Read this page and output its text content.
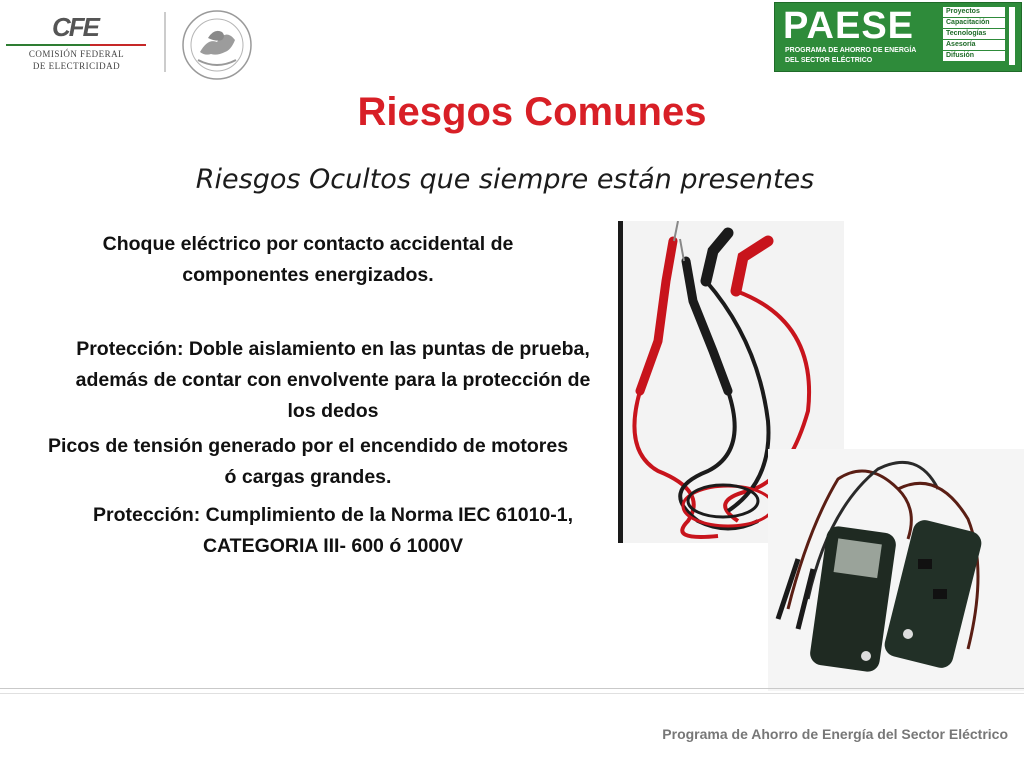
CFE
COMISIÓN FEDERAL
DE ELECTRICIDAD
PAESE
PROGRAMA DE AHORRO DE ENERGÍA
DEL SECTOR ELÉCTRICO
Proyectos
Capacitación
Tecnologías
Asesoría
Difusión
Riesgos Comunes
Riesgos Ocultos que siempre están presentes
Choque eléctrico por contacto accidental de componentes energizados.
Protección: Doble aislamiento en las puntas de prueba, además de contar con envolvente para la protección de los dedos
Picos de tensión generado por el encendido de motores ó cargas grandes.
Protección: Cumplimiento de la Norma IEC 61010-1, CATEGORIA III- 600 ó 1000V
Programa de Ahorro de Energía del Sector Eléctrico
